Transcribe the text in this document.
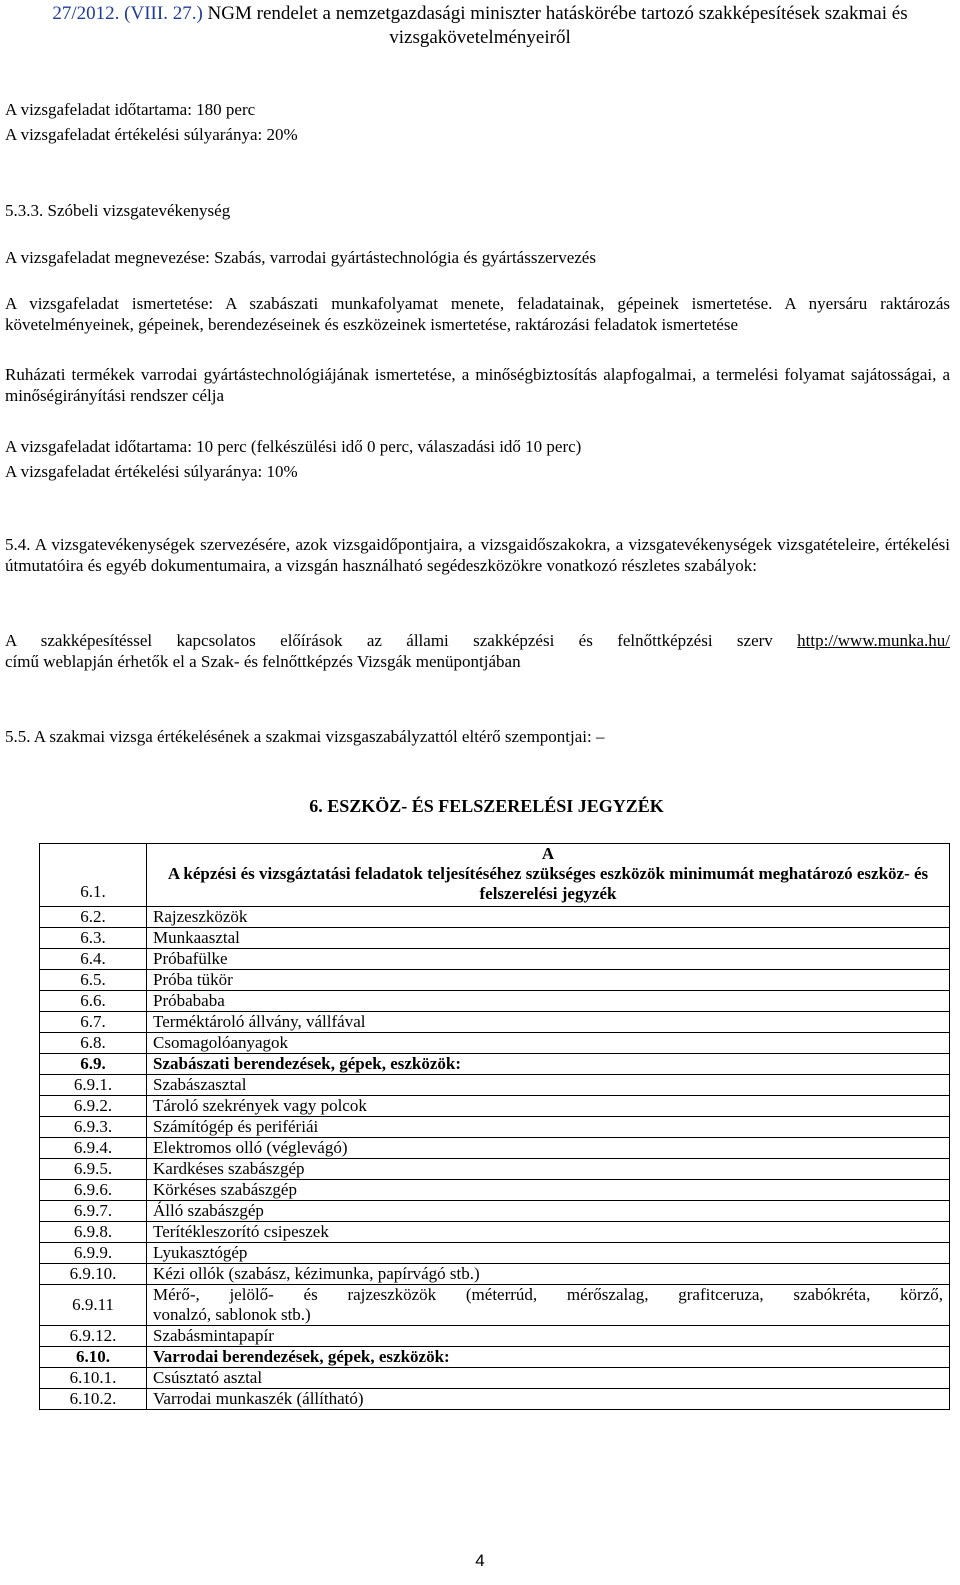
27/2012. (VIII. 27.) NGM rendelet a nemzetgazdasági miniszter hatáskörébe tartozó szakképesítések szakmai és vizsgakövetelményeiről

A vizsgafeladat időtartama: 180 perc

A vizsgafeladat értékelési súlyaránya: 20%

5.3.3. Szóbeli vizsgatevékenység

A vizsgafeladat megnevezése: Szabás, varrodai gyártástechnológia és gyártásszervezés

A vizsgafeladat ismertetése: A szabászati munkafolyamat menete, feladatainak, gépeinek ismertetése. A nyersáru raktározás követelményeinek, gépeinek, berendezéseinek és eszközeinek ismertetése, raktározási feladatok ismertetése

Ruházati termékek varrodai gyártástechnológiájának ismertetése, a minőségbiztosítás alapfogalmai, a termelési folyamat sajátosságai, a minőségirányítási rendszer célja

A vizsgafeladat időtartama: 10 perc (felkészülési idő 0 perc, válaszadási idő 10 perc)

A vizsgafeladat értékelési súlyaránya: 10%

5.4. A vizsgatevékenységek szervezésére, azok vizsgaidőpontjaira, a vizsgaidőszakokra, a vizsgatevékenységek vizsgatételeire, értékelési útmutatóira és egyéb dokumentumaira, a vizsgán használható segédeszközökre vonatkozó részletes szabályok:

A szakképesítéssel kapcsolatos előírások az állami szakképzési és felnőttképzési szerv http://www.munka.hu/
című weblapján érhetők el a Szak- és felnőttképzés Vizsgák menüpontjában

5.5. A szakmai vizsga értékelésének a szakmai vizsgaszabályzattól eltérő szempontjai: –

6. ESZKÖZ- ÉS FELSZERELÉSI JEGYZÉK
6.1.	A
A képzési és vizsgáztatási feladatok teljesítéséhez szükséges eszközök minimumát meghatározó eszköz- és felszerelési jegyzék

6.2.	Rajzeszközök
6.3.	Munkaasztal
6.4.	Próbafülke
6.5.	Próba tükör
6.6.	Próbababa
6.7.	Terméktároló állvány, vállfával
6.8.	Csomagolóanyagok
6.9.	Szabászati berendezések, gépek, eszközök:
6.9.1.	Szabászasztal
6.9.2.	Tároló szekrények vagy polcok
6.9.3.	Számítógép és perifériái
6.9.4.	Elektromos olló (véglevágó)
6.9.5.	Kardkéses szabászgép
6.9.6.	Körkéses szabászgép
6.9.7.	Álló szabászgép
6.9.8.	Terítékleszorító csipeszek
6.9.9.	Lyukasztógép
6.9.10.	Kézi ollók (szabász, kézimunka, papírvágó stb.)
6.9.11	Mérő-, jelölő- és rajzeszközök (méterrúd, mérőszalag, grafitceruza, szabókréta, körző,
vonalzó, sablonok stb.)

6.9.12.	Szabásmintapapír
6.10.	Varrodai berendezések, gépek, eszközök:
6.10.1.	Csúsztató asztal
6.10.2.	Varrodai munkaszék (állítható)
4
